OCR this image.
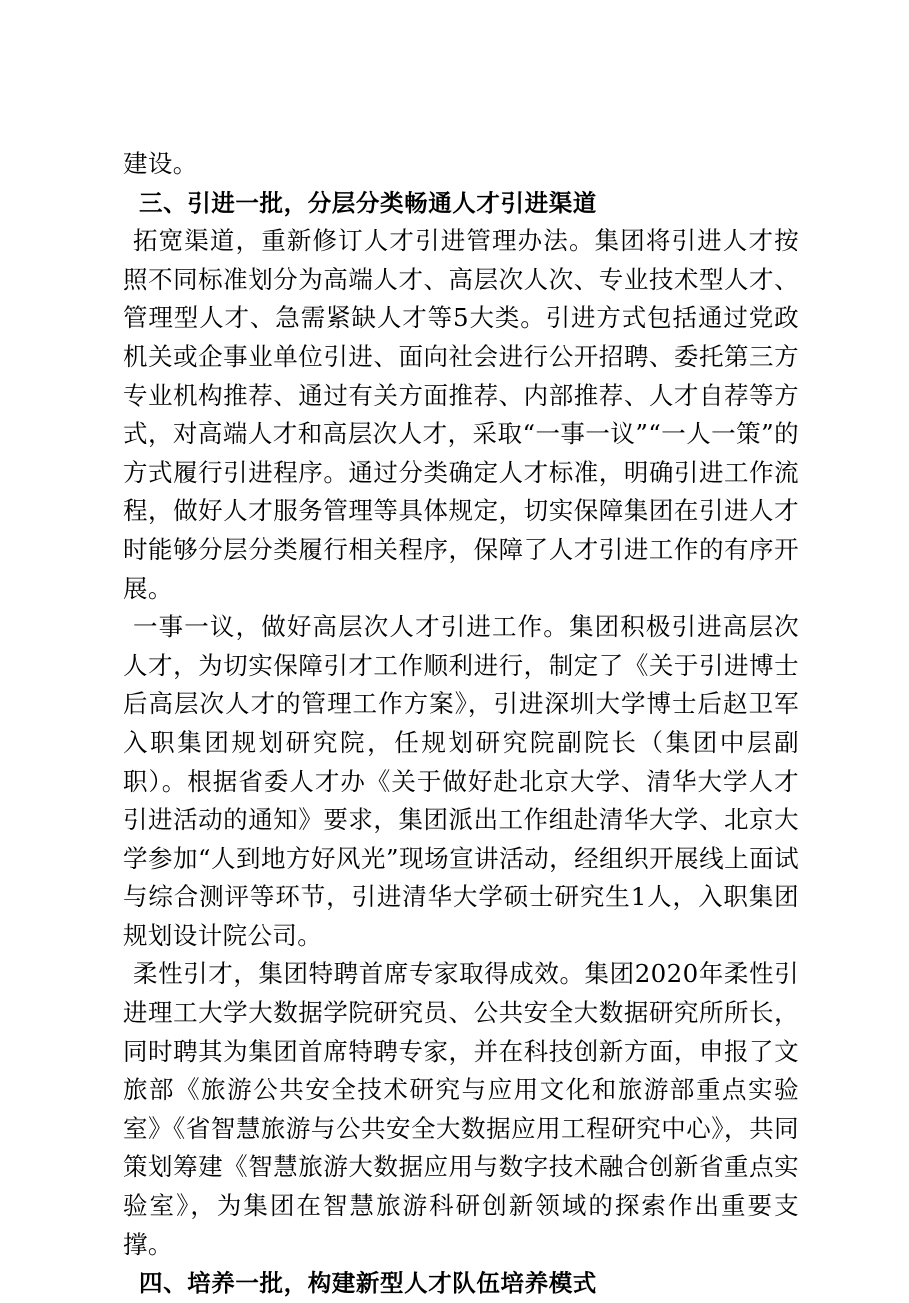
建设。

三、引进一批，分层分类畅通人才引进渠道

拓宽渠道，重新修订人才引进管理办法。集团将引进人才按照不同标准划分为高端人才、高层次人次、专业技术型人才、管理型人才、急需紧缺人才等5大类。引进方式包括通过党政机关或企事业单位引进、面向社会进行公开招聘、委托第三方专业机构推荐、通过有关方面推荐、内部推荐、人才自荐等方式，对高端人才和高层次人才，采取“一事一议”“一人一策”的方式履行引进程序。通过分类确定人才标准，明确引进工作流程，做好人才服务管理等具体规定，切实保障集团在引进人才时能够分层分类履行相关程序，保障了人才引进工作的有序开展。

一事一议，做好高层次人才引进工作。集团积极引进高层次人才，为切实保障引才工作顺利进行，制定了《关于引进博士后高层次人才的管理工作方案》，引进深圳大学博士后赵卫军入职集团规划研究院，任规划研究院副院长（集团中层副职）。根据省委人才办《关于做好赴北京大学、清华大学人才引进活动的通知》要求，集团派出工作组赴清华大学、北京大学参加“人到地方好风光”现场宣讲活动，经组织开展线上面试与综合测评等环节，引进清华大学硕士研究生1人，入职集团规划设计院公司。

柔性引才，集团特聘首席专家取得成效。集团2020年柔性引进理工大学大数据学院研究员、公共安全大数据研究所所长，同时聘其为集团首席特聘专家，并在科技创新方面，申报了文旅部《旅游公共安全技术研究与应用文化和旅游部重点实验室》《省智慧旅游与公共安全大数据应用工程研究中心》，共同策划筹建《智慧旅游大数据应用与数字技术融合创新省重点实验室》，为集团在智慧旅游科研创新领域的探索作出重要支撑。

四、培养一批，构建新型人才队伍培养模式
